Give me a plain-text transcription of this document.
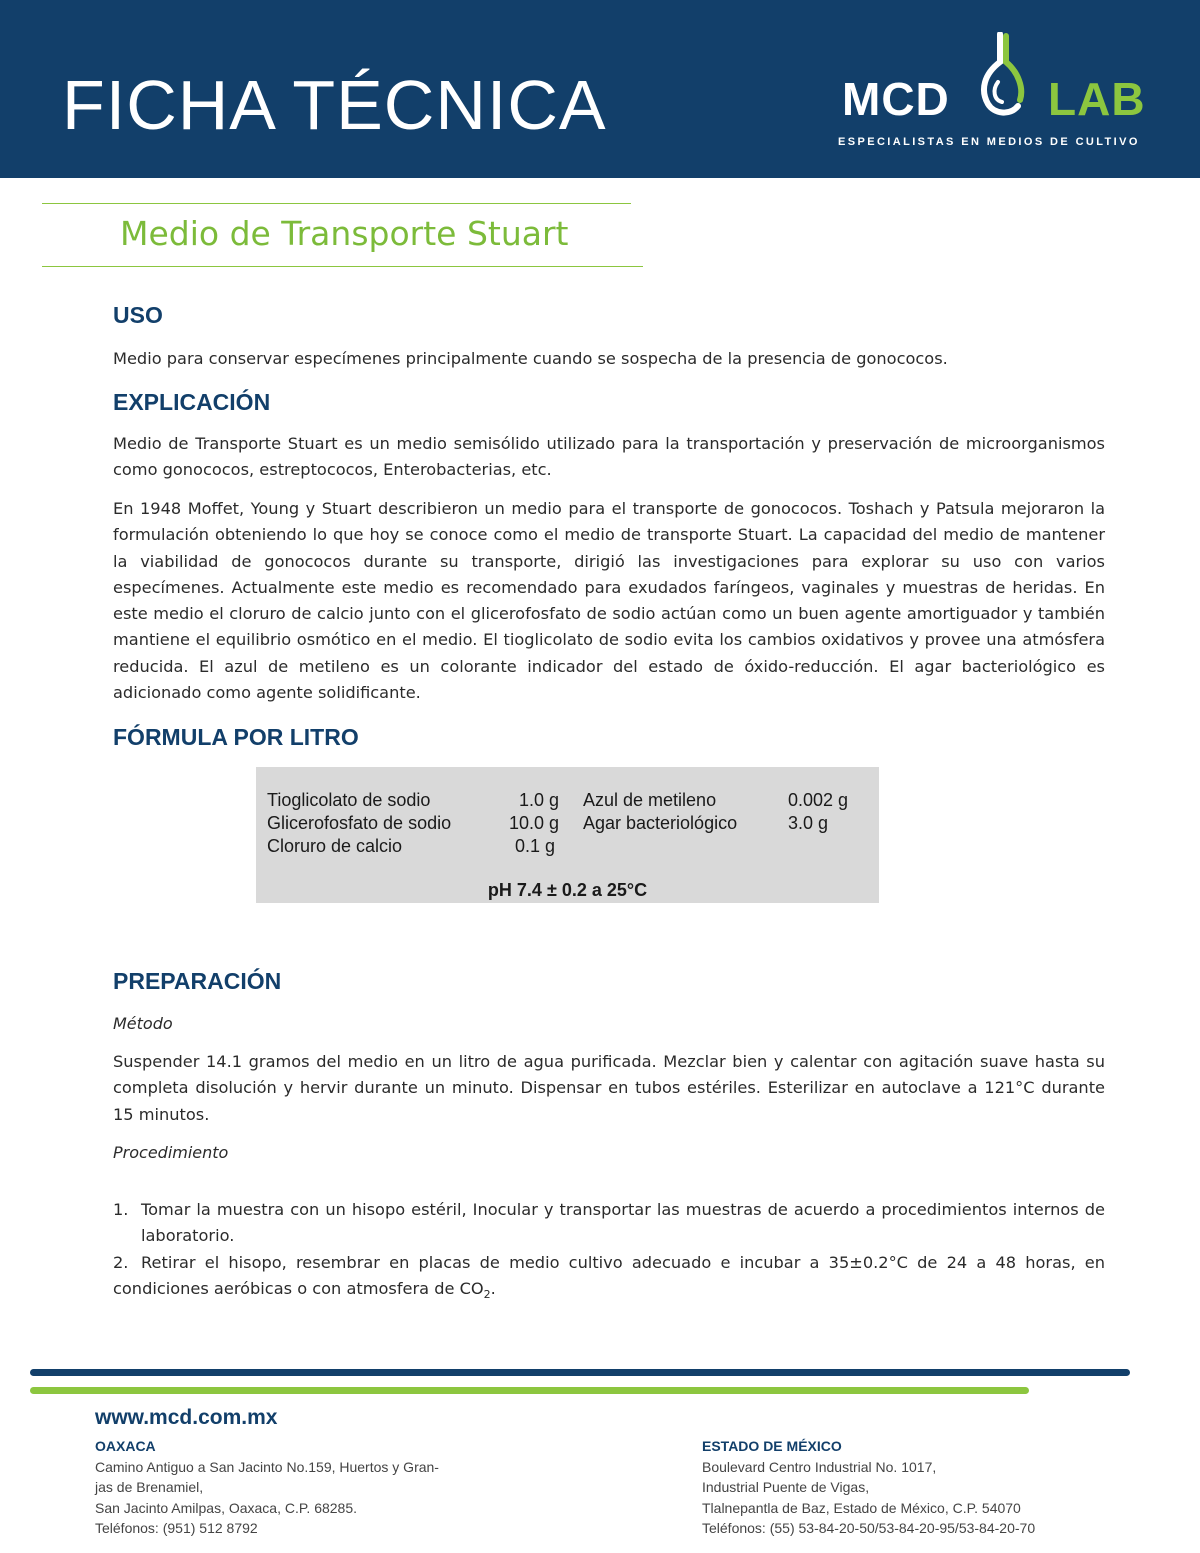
FICHA TÉCNICA	MCD LAB
ESPECIALISTAS EN MEDIOS DE CULTIVO
Medio de Transporte Stuart
USO

Medio para conservar especímenes principalmente cuando se sospecha de la presencia de gonococos.

EXPLICACIÓN

Medio de Transporte Stuart es un medio semisólido utilizado para la transportación y preservación de microorganismos como gonococos, estreptococos, Enterobacterias, etc.

En 1948 Moffet, Young y Stuart describieron un medio para el transporte de gonococos. Toshach y Patsula mejoraron la formulación obteniendo lo que hoy se conoce como el medio de transporte Stuart. La capacidad del medio de mantener la viabilidad de gonococos durante su transporte, dirigió las investigaciones para explorar su uso con varios especímenes. Actualmente este medio es recomendado para exudados faríngeos, vaginales y muestras de heridas. En este medio el cloruro de calcio junto con el glicerofosfato de sodio actúan como un buen agente amortiguador y también mantiene el equilibrio osmótico en el medio. El tioglicolato de sodio evita los cambios oxidativos y provee una atmósfera reducida. El azul de metileno es un colorante indicador del estado de óxido-reducción. El agar bacteriológico es adicionado como agente solidificante.

FÓRMULA POR LITRO
Tioglicolato de sodio	1.0 g
Glicerofosfato de sodio	10.0 g
Cloruro de calcio	0.1 g
Azul de metileno	0.002 g
Agar bacteriológico	3.0 g
pH 7.4 ± 0.2 a 25°C
PREPARACIÓN
Método

Suspender 14.1 gramos del medio en un litro de agua purificada. Mezclar bien y calentar con agitación suave hasta su completa disolución y hervir durante un minuto. Dispensar en tubos estériles. Esterilizar en autoclave a 121°C durante 15 minutos.

Procedimiento
1. Tomar la muestra con un hisopo estéril, Inocular y transportar las muestras de acuerdo a procedimientos internos de laboratorio.
2. Retirar el hisopo, resembrar en placas de medio cultivo adecuado e incubar a 35±0.2°C de 24 a 48 horas, en condiciones aeróbicas o con atmosfera de $CO_2$.
www.mcd.com.mx
OAXACA
Camino Antiguo a San Jacinto No.159, Huertos y Gran-
jas de Brenamiel,
San Jacinto Amilpas, Oaxaca, C.P. 68285.
Teléfonos: (951) 512 8792
ESTADO DE MÉXICO
Boulevard Centro Industrial No. 1017,
Industrial Puente de Vigas,
Tlalnepantla de Baz, Estado de México, C.P. 54070
Teléfonos: (55) 53-84-20-50/53-84-20-95/53-84-20-70
